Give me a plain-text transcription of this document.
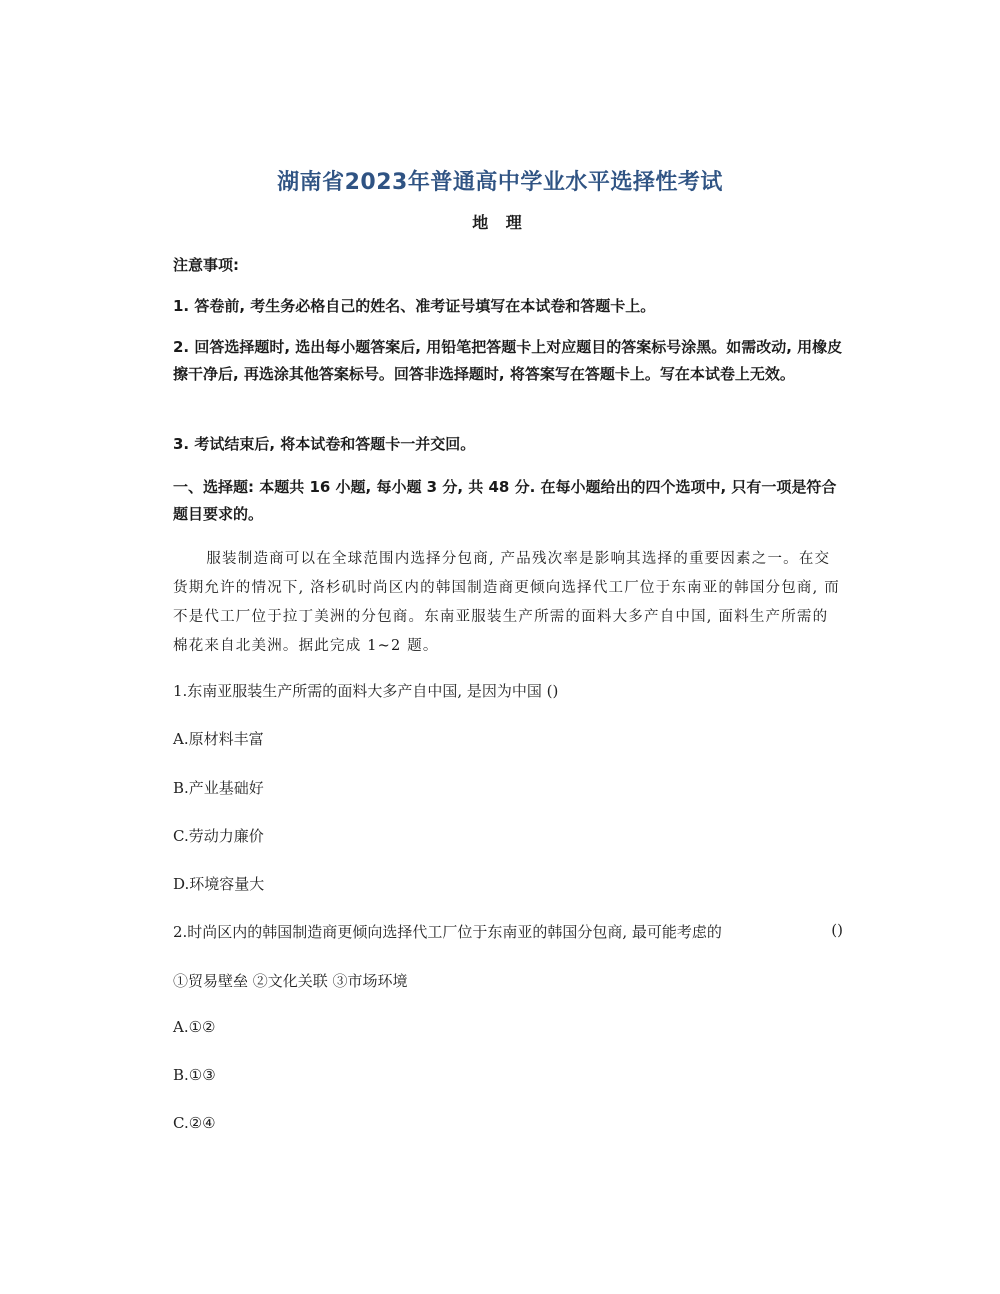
湖南省2023年普通高中学业水平选择性考试
地 理
注意事项:
1. 答卷前, 考生务必格自己的姓名、准考证号填写在本试卷和答题卡上。
2. 回答选择题时, 选出每小题答案后, 用铅笔把答题卡上对应题目的答案标号涂黑。如需改动, 用橡皮擦干净后, 再选涂其他答案标号。回答非选择题时, 将答案写在答题卡上。写在本试卷上无效。
3. 考试结束后, 将本试卷和答题卡一并交回。
一、选择题: 本题共 16 小题, 每小题 3 分, 共 48 分. 在每小题给出的四个选项中, 只有一项是符合题目要求的。
服装制造商可以在全球范围内选择分包商, 产品残次率是影响其选择的重要因素之一。在交货期允许的情况下, 洛杉矶时尚区内的韩国制造商更倾向选择代工厂位于东南亚的韩国分包商, 而不是代工厂位于拉丁美洲的分包商。东南亚服装生产所需的面料大多产自中国, 面料生产所需的棉花来自北美洲。据此完成 1~2 题。
1.东南亚服装生产所需的面料大多产自中国, 是因为中国 ()
A.原材料丰富
B.产业基础好
C.劳动力廉价
D.环境容量大
2.时尚区内的韩国制造商更倾向选择代工厂位于东南亚的韩国分包商, 最可能考虑的	()
①贸易壁垒 ②文化关联 ③市场环境
A.①②
B.①③
C.②④
